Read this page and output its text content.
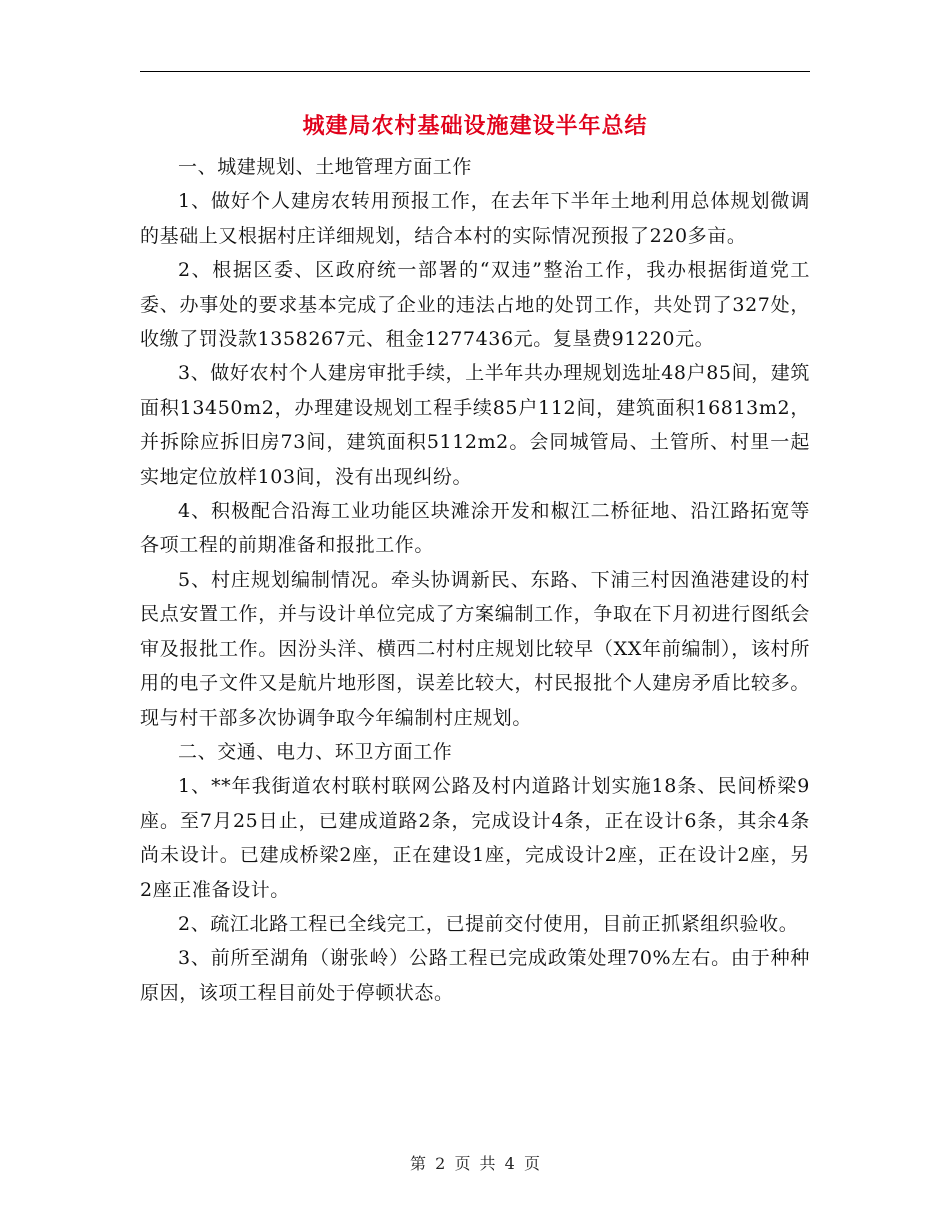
城建局农村基础设施建设半年总结

一、城建规划、土地管理方面工作

1、做好个人建房农转用预报工作，在去年下半年土地利用总体规划微调的基础上又根据村庄详细规划，结合本村的实际情况预报了220多亩。

2、根据区委、区政府统一部署的“双违”整治工作，我办根据街道党工委、办事处的要求基本完成了企业的违法占地的处罚工作，共处罚了327处，收缴了罚没款1358267元、租金1277436元。复垦费91220元。

3、做好农村个人建房审批手续，上半年共办理规划选址48户85间，建筑面积13450m2，办理建设规划工程手续85户112间，建筑面积16813m2，并拆除应拆旧房73间，建筑面积5112m2。会同城管局、土管所、村里一起实地定位放样103间，没有出现纠纷。

4、积极配合沿海工业功能区块滩涂开发和椒江二桥征地、沿江路拓宽等各项工程的前期准备和报批工作。

5、村庄规划编制情况。牵头协调新民、东路、下浦三村因渔港建设的村民点安置工作，并与设计单位完成了方案编制工作，争取在下月初进行图纸会审及报批工作。因汾头洋、横西二村村庄规划比较早（XX年前编制），该村所用的电子文件又是航片地形图，误差比较大，村民报批个人建房矛盾比较多。现与村干部多次协调争取今年编制村庄规划。

二、交通、电力、环卫方面工作

1、**年我街道农村联村联网公路及村内道路计划实施18条、民间桥梁9座。至7月25日止，已建成道路2条，完成设计4条，正在设计6条，其余4条尚未设计。已建成桥梁2座，正在建设1座，完成设计2座，正在设计2座，另2座正准备设计。

2、疏江北路工程已全线完工，已提前交付使用，目前正抓紧组织验收。

3、前所至湖角（谢张岭）公路工程已完成政策处理70%左右。由于种种原因，该项工程目前处于停顿状态。

第 2 页 共 4 页
